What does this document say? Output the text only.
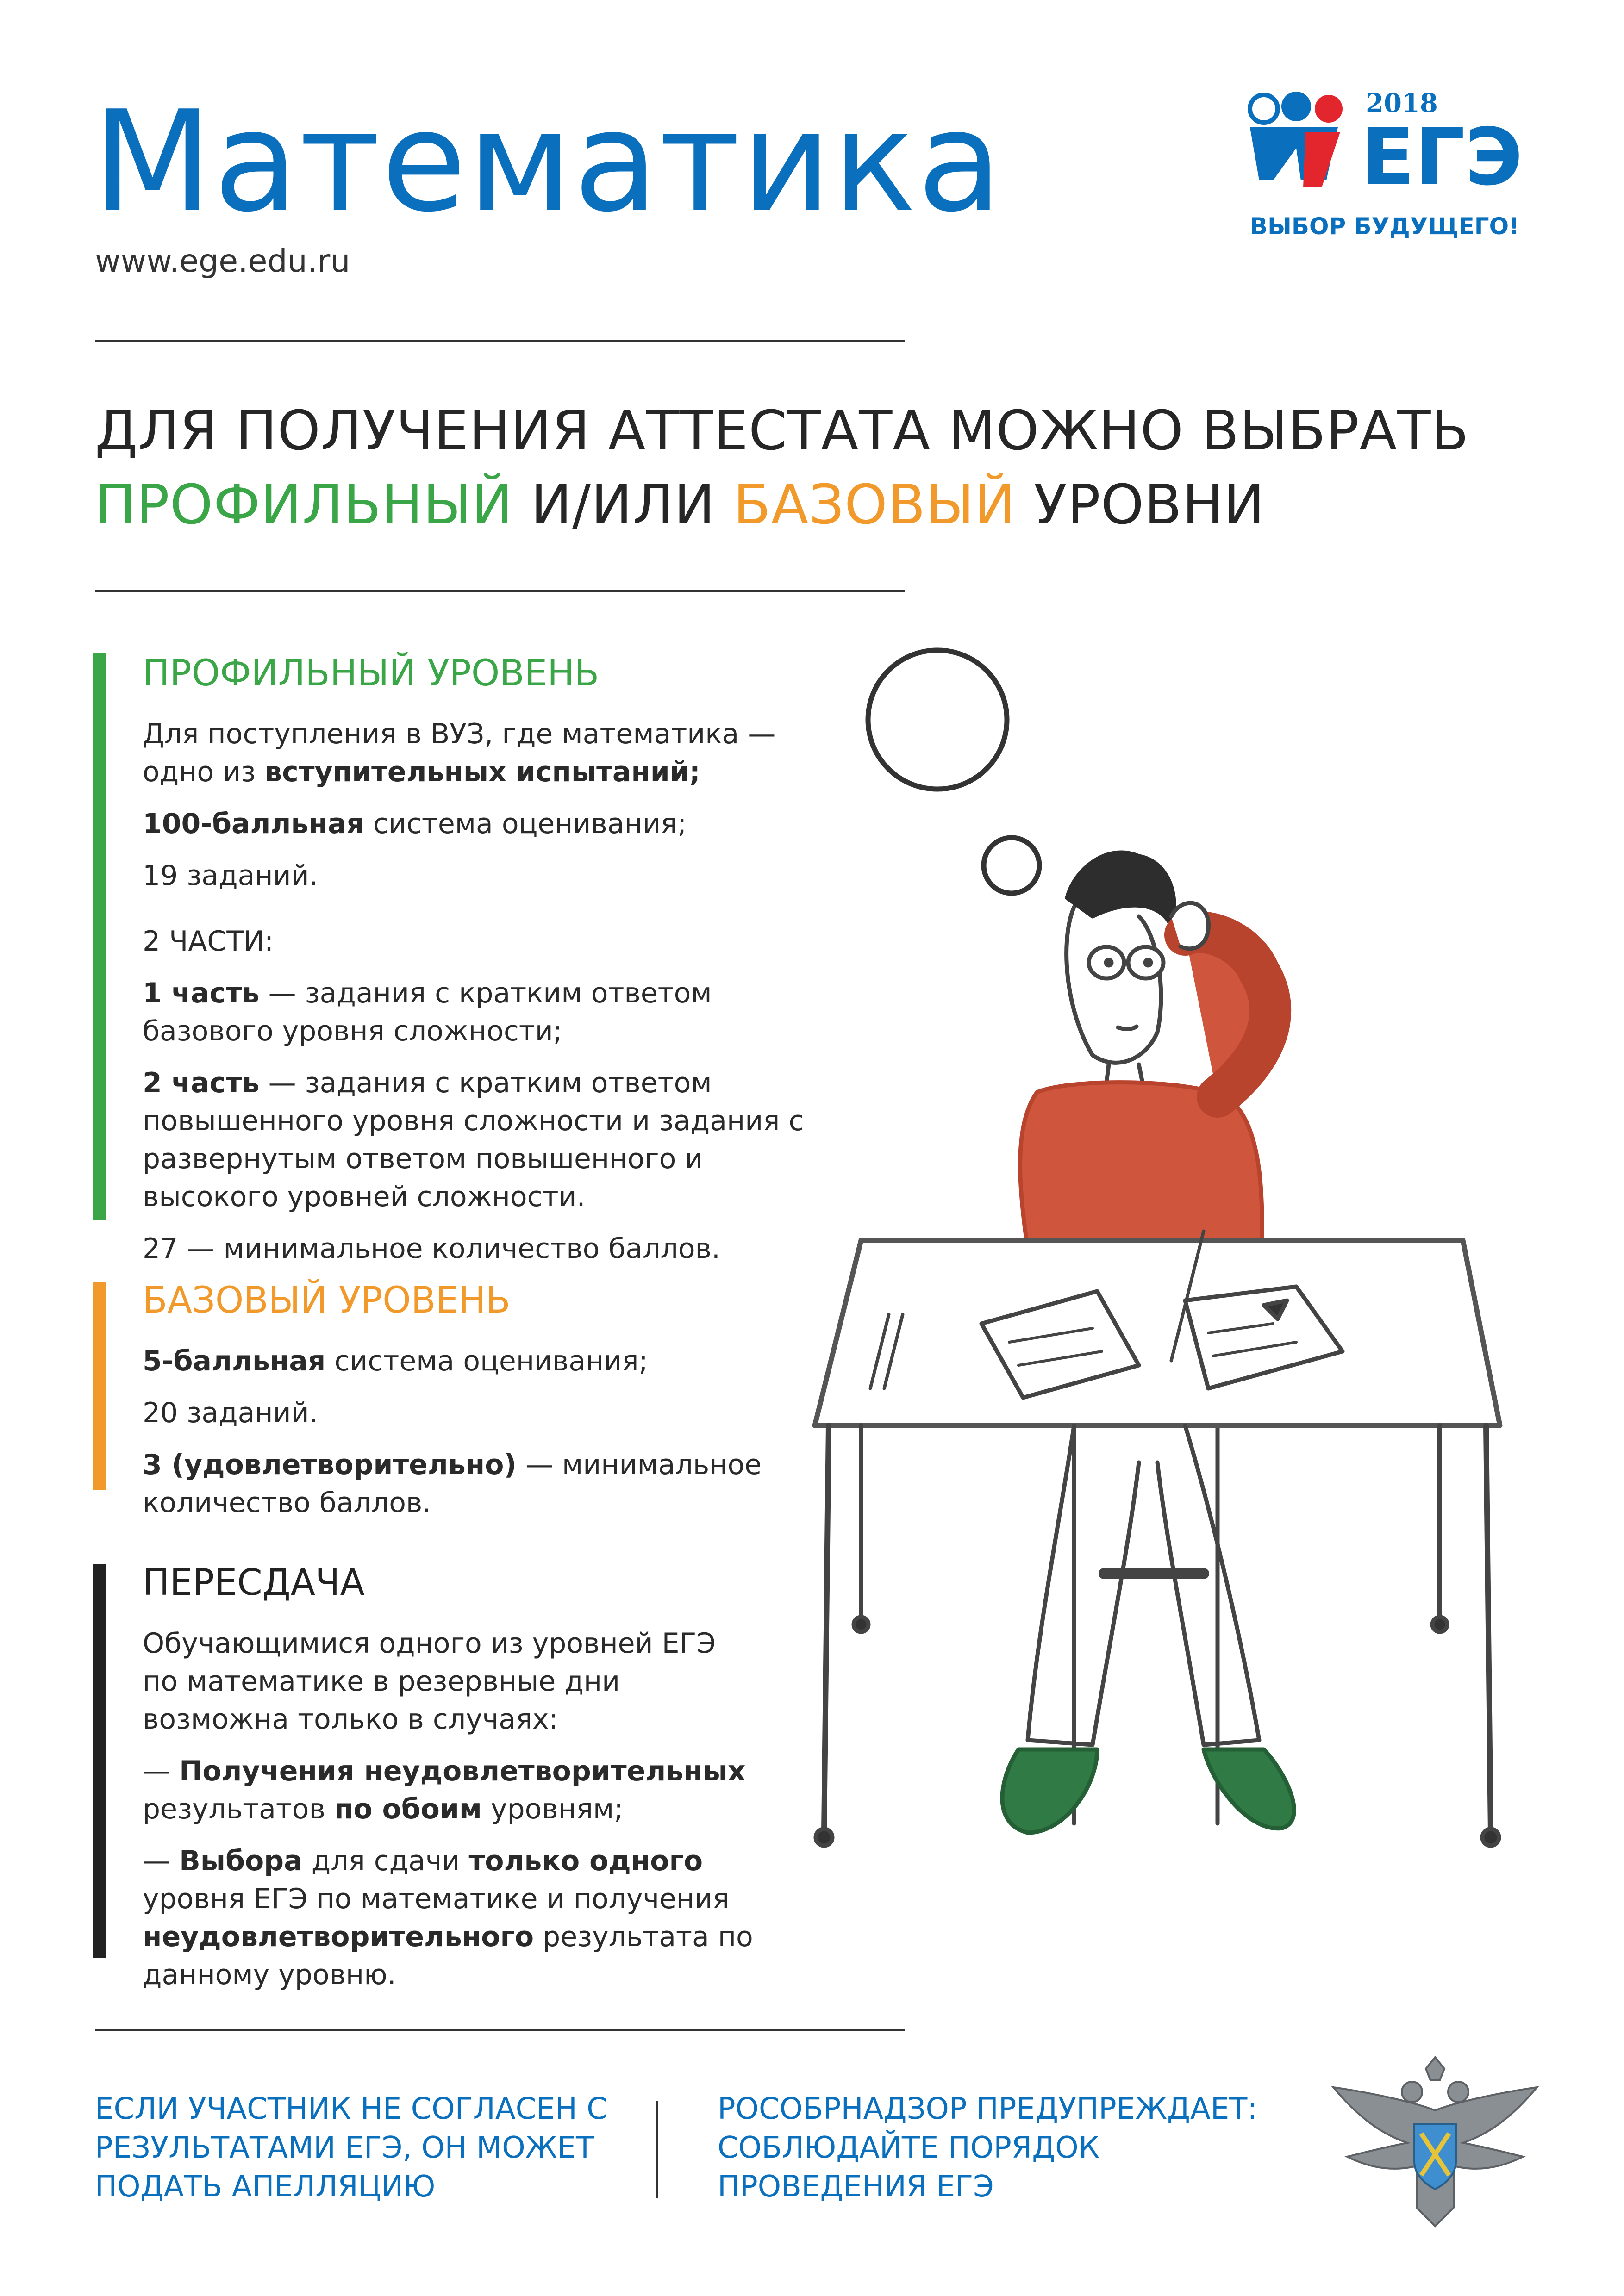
Математика
www.ege.edu.ru
2018
ЕГЭ
ВЫБОР БУДУЩЕГО!
ДЛЯ ПОЛУЧЕНИЯ АТТЕСТАТА МОЖНО ВЫБРАТЬ
ПРОФИЛЬНЫЙ И/ИЛИ БАЗОВЫЙ УРОВНИ
ПРОФИЛЬНЫЙ УРОВЕНЬ

Для поступления в ВУЗ, где математика — одно из вступительных испытаний;

100-балльная система оценивания;

19 заданий.

2 ЧАСТИ:

1 часть — задания с кратким ответом базового уровня сложности;

2 часть — задания с кратким ответом повышенного уровня сложности и задания с развернутым ответом повышенного и высокого уровней сложности.

27 — минимальное количество баллов.

БАЗОВЫЙ УРОВЕНЬ

5-балльная система оценивания;

20 заданий.

3 (удовлетворительно) — минимальное количество баллов.

ПЕРЕСДАЧА

Обучающимися одного из уровней ЕГЭ по математике в резервные дни возможна только в случаях:

— Получения неудовлетворительных результатов по обоим уровням;

— Выбора для сдачи только одного уровня ЕГЭ по математике и получения неудовлетворительного результата по данному уровню.

ЕСЛИ УЧАСТНИК НЕ СОГЛАСЕН С РЕЗУЛЬТАТАМИ ЕГЭ, ОН МОЖЕТ ПОДАТЬ АПЕЛЛЯЦИЮ
РОСОБРНАДЗОР ПРЕДУПРЕЖДАЕТ: СОБЛЮДАЙТЕ ПОРЯДОК ПРОВЕДЕНИЯ ЕГЭ
